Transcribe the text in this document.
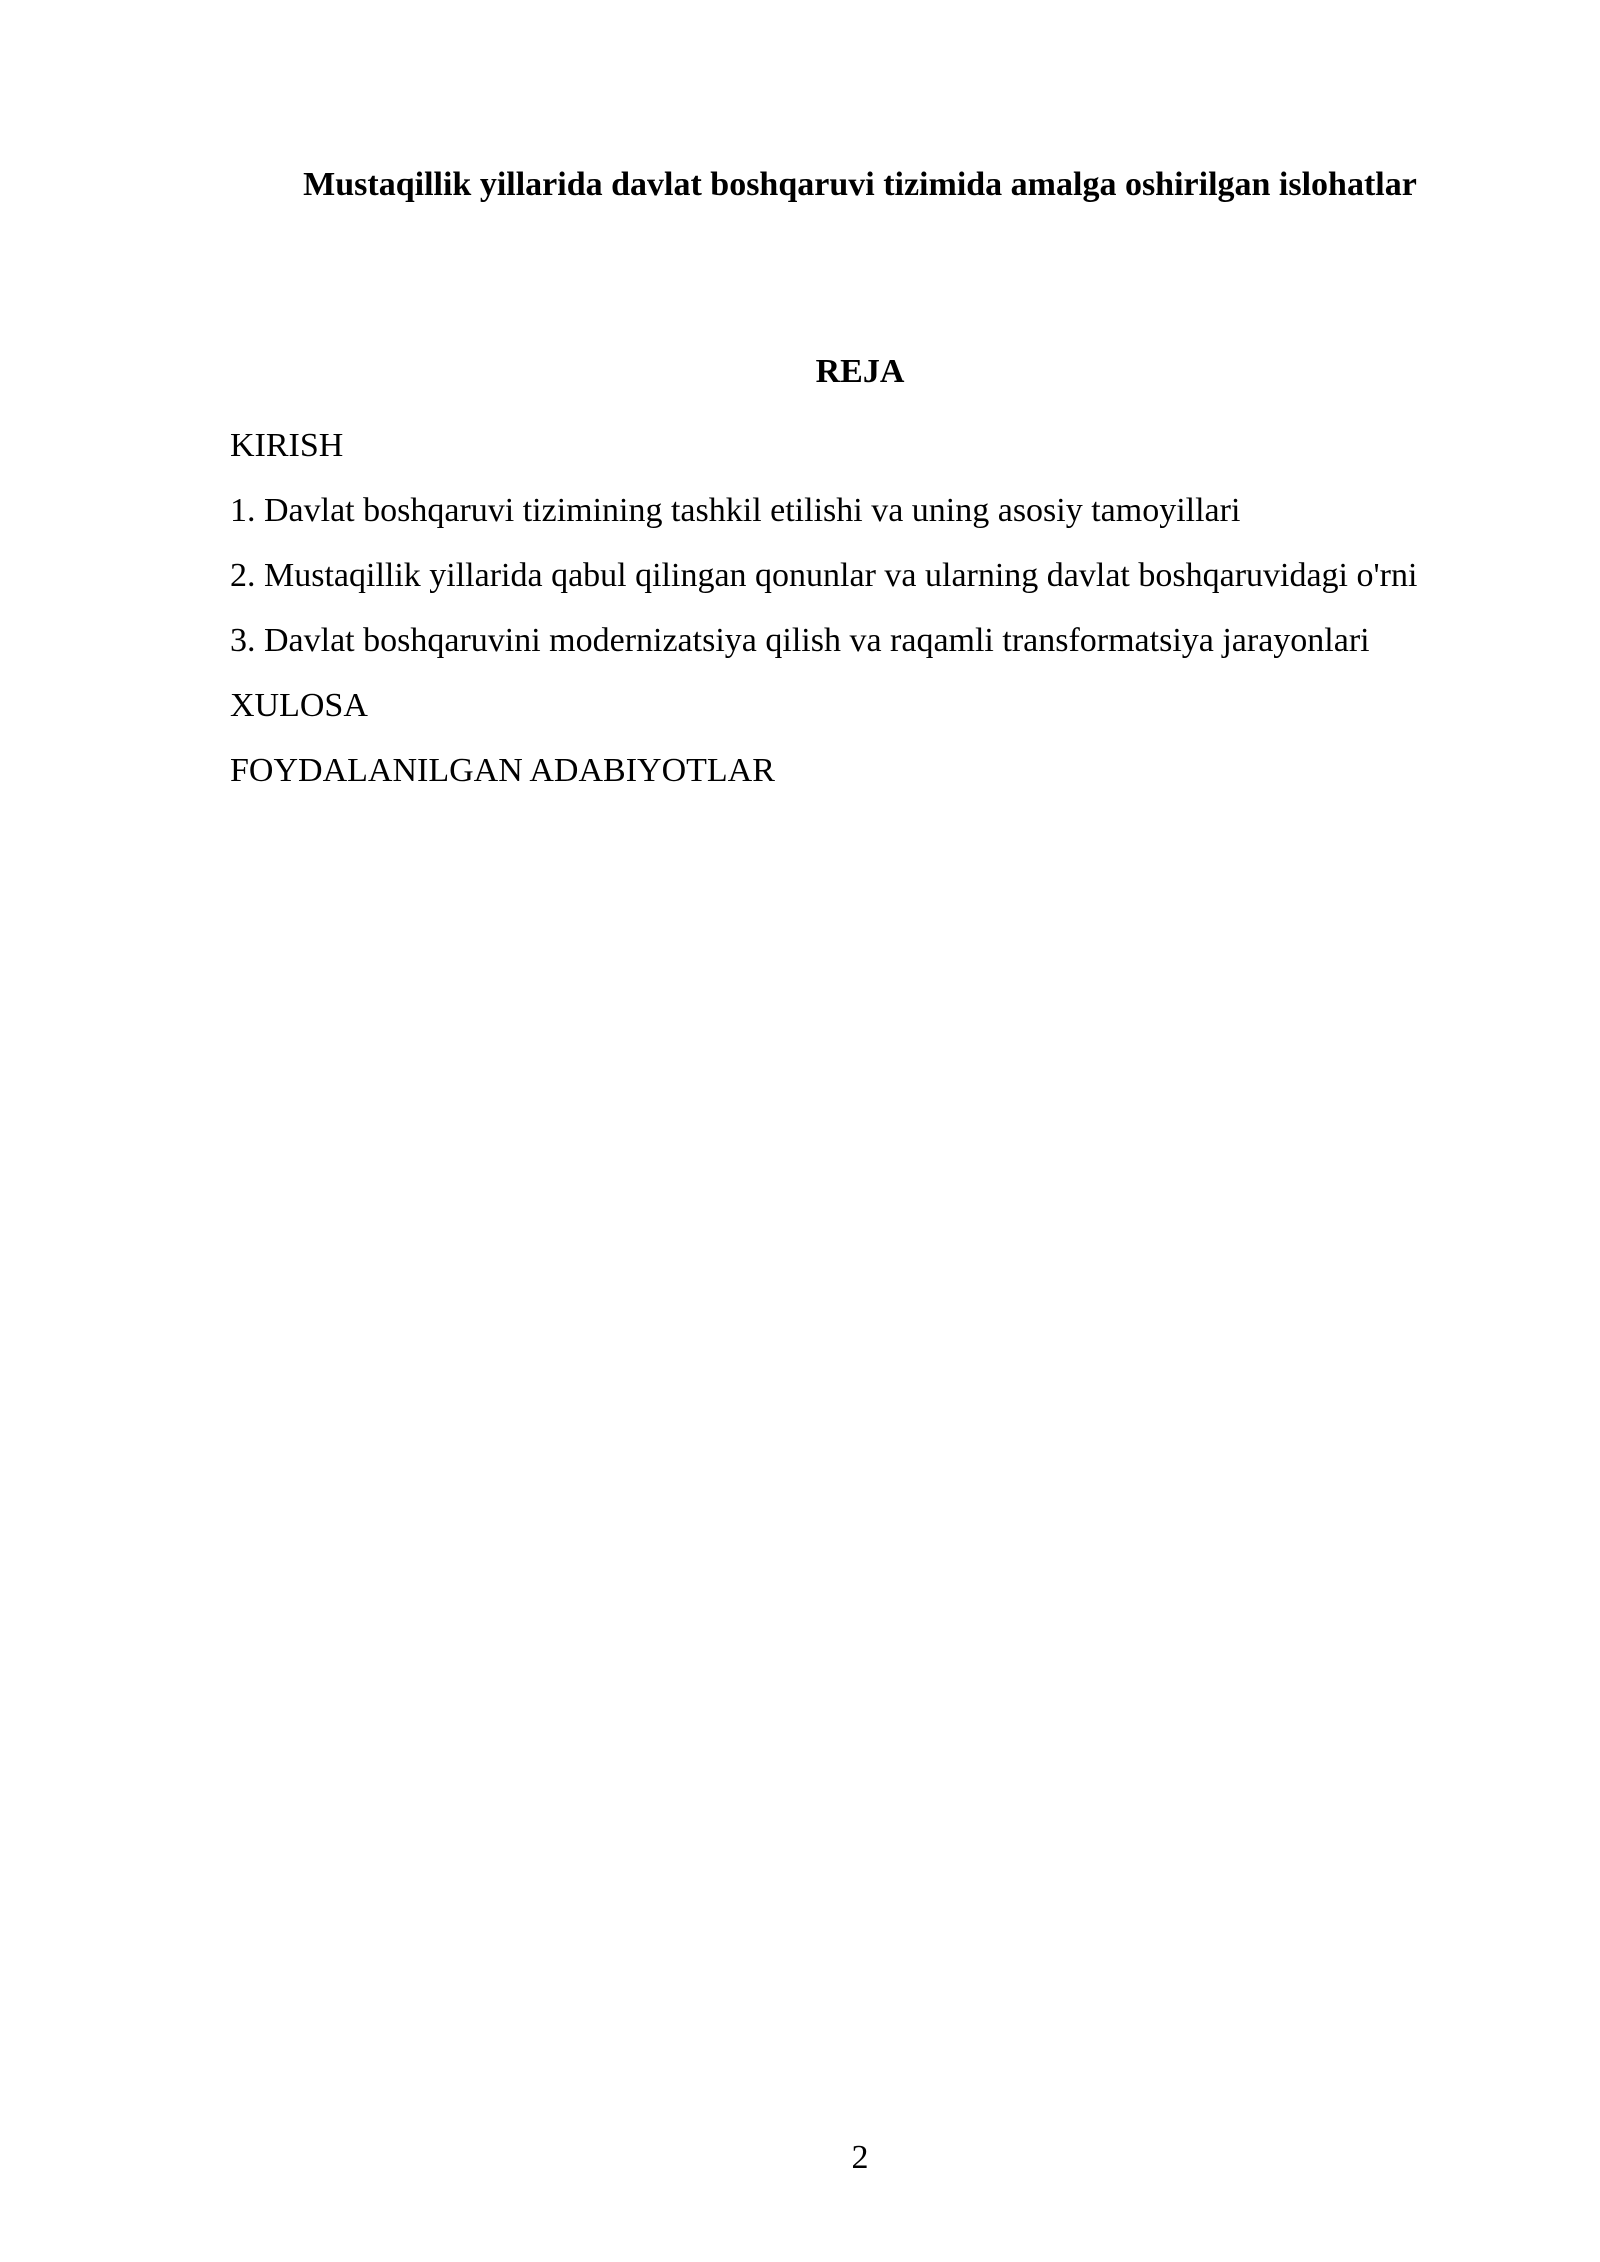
Mustaqillik yillarida davlat boshqaruvi tizimida amalga oshirilgan islohatlar
REJA
KIRISH
1. Davlat boshqaruvi tizimining tashkil etilishi va uning asosiy tamoyillari
2. Mustaqillik yillarida qabul qilingan qonunlar va ularning davlat boshqaruvidagi o'rni
3. Davlat boshqaruvini modernizatsiya qilish va raqamli transformatsiya jarayonlari
XULOSA
FOYDALANILGAN ADABIYOTLAR
2
